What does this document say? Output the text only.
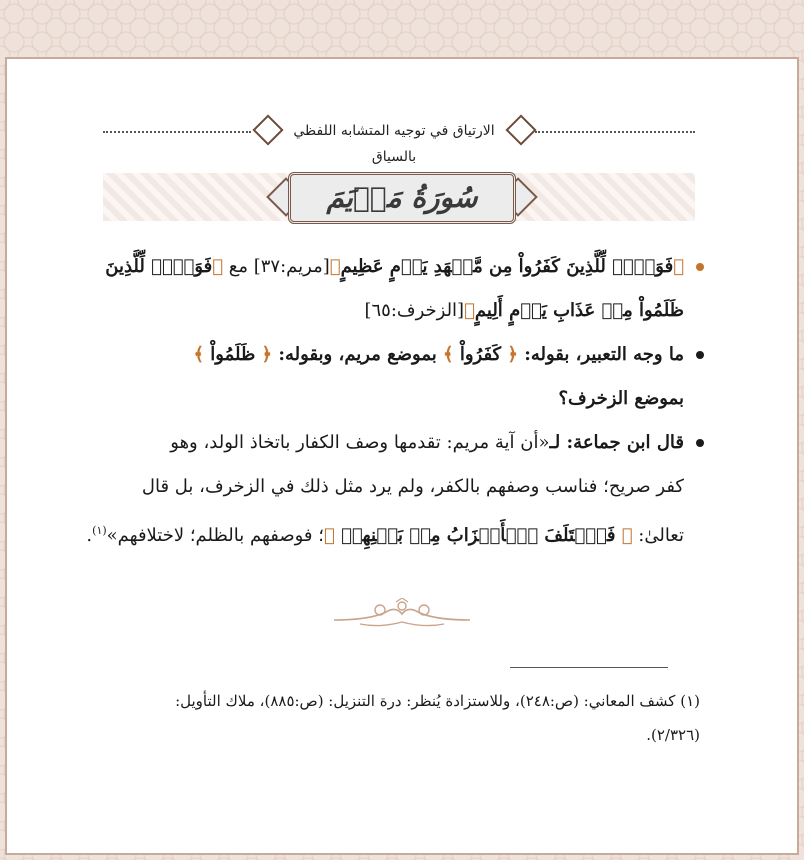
الارتياق في توجيه المتشابه اللفظي بالسياق
سُورَةُ مَرۡيَمَ
﴿فَوَيۡلٞ لِّلَّذِينَ كَفَرُواْ مِن مَّشۡهَدِ يَوۡمٍ عَظِيمٍ﴾[مريم:٣٧] مع ﴿فَوَيۡلٞ لِّلَّذِينَ
ظَلَمُواْ مِنۡ عَذَابِ يَوۡمٍ أَلِيمٍ﴾[الزخرف:٦٥]
ما وجه التعبير، بقوله: ﴿ كَفَرُواْ ﴾ بموضع مريم، وبقوله: ﴿ ظَلَمُواْ ﴾
بموضع الزخرف؟
قال ابن جماعة: لـ«أن آية مريم: تقدمها وصف الكفار باتخاذ الولد، وهو
كفر صريح؛ فناسب وصفهم بالكفر، ولم يرد مثل ذلك في الزخرف، بل قال
تعالىٰ: ﴿ فَٱخۡتَلَفَ ٱلۡأَحۡزَابُ مِنۢ بَيۡنِهِمۡ ﴾؛ فوصفهم بالظلم؛ لاختلافهم»$^{(١)}$.
(١) كشف المعاني: (ص:٢٤٨)، وللاستزادة يُنظر: درة التنزيل: (ص:٨٨٥)، ملاك التأويل:
(٢/٣٢٦).
